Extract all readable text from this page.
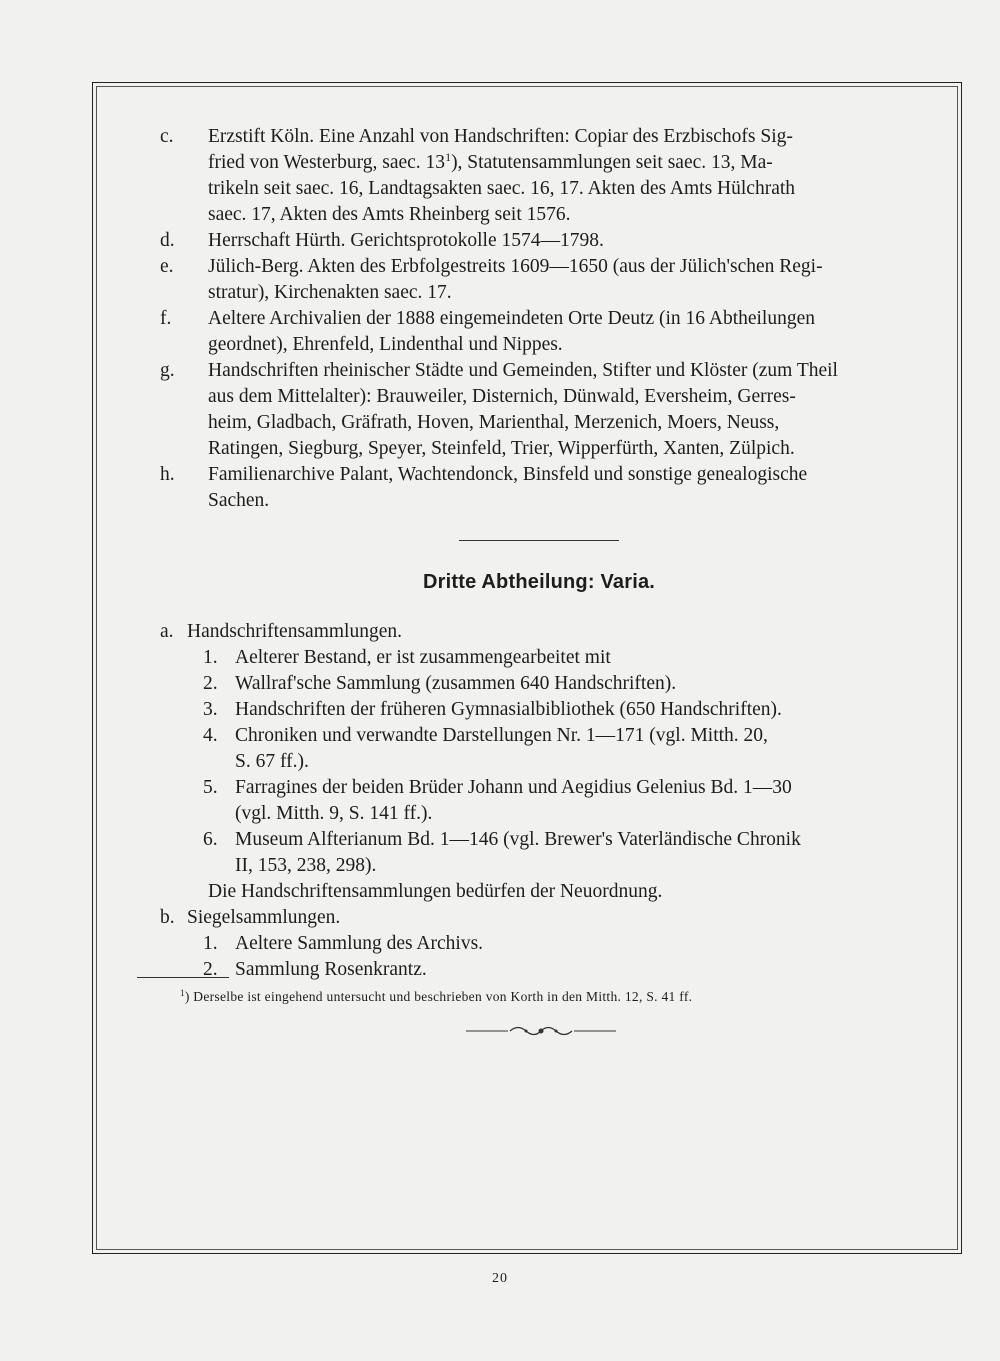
c. Erzstift Köln. Eine Anzahl von Handschriften: Copiar des Erzbischofs Sig-
fried von Westerburg, saec. $13^1$), Statutensammlungen seit saec. 13, Ma-
trikeln seit saec. 16, Landtagsakten saec. 16, 17. Akten des Amts Hülchrath
saec. 17, Akten des Amts Rheinberg seit 1576.
d. Herrschaft Hürth. Gerichtsprotokolle 1574—1798.
e. Jülich-Berg. Akten des Erbfolgestreits 1609—1650 (aus der Jülich'schen Regi-
stratur), Kirchenakten saec. 17.
f. Aeltere Archivalien der 1888 eingemeindeten Orte Deutz (in 16 Abtheilungen
geordnet), Ehrenfeld, Lindenthal und Nippes.
g. Handschriften rheinischer Städte und Gemeinden, Stifter und Klöster (zum Theil
aus dem Mittelalter): Brauweiler, Disternich, Dünwald, Eversheim, Gerres-
heim, Gladbach, Gräfrath, Hoven, Marienthal, Merzenich, Moers, Neuss,
Ratingen, Siegburg, Speyer, Steinfeld, Trier, Wipperfürth, Xanten, Zülpich.
h. Familienarchive Palant, Wachtendonck, Binsfeld und sonstige genealogische
Sachen.
Dritte Abtheilung: Varia.
a. Handschriftensammlungen.
1. Aelterer Bestand, er ist zusammengearbeitet mit
2. Wallraf'sche Sammlung (zusammen 640 Handschriften).
3. Handschriften der früheren Gymnasialbibliothek (650 Handschriften).
4. Chroniken und verwandte Darstellungen Nr. 1—171 (vgl. Mitth. 20,
S. 67 ff.).
5. Farragines der beiden Brüder Johann und Aegidius Gelenius Bd. 1—30
(vgl. Mitth. 9, S. 141 ff.).
6. Museum Alfterianum Bd. 1—146 (vgl. Brewer's Vaterländische Chronik
II, 153, 238, 298).
Die Handschriftensammlungen bedürfen der Neuordnung.
b. Siegelsammlungen.
1. Aeltere Sammlung des Archivs.
2. Sammlung Rosenkrantz.
$^1$) Derselbe ist eingehend untersucht und beschrieben von Korth in den Mitth. 12, S. 41 ff.
20
